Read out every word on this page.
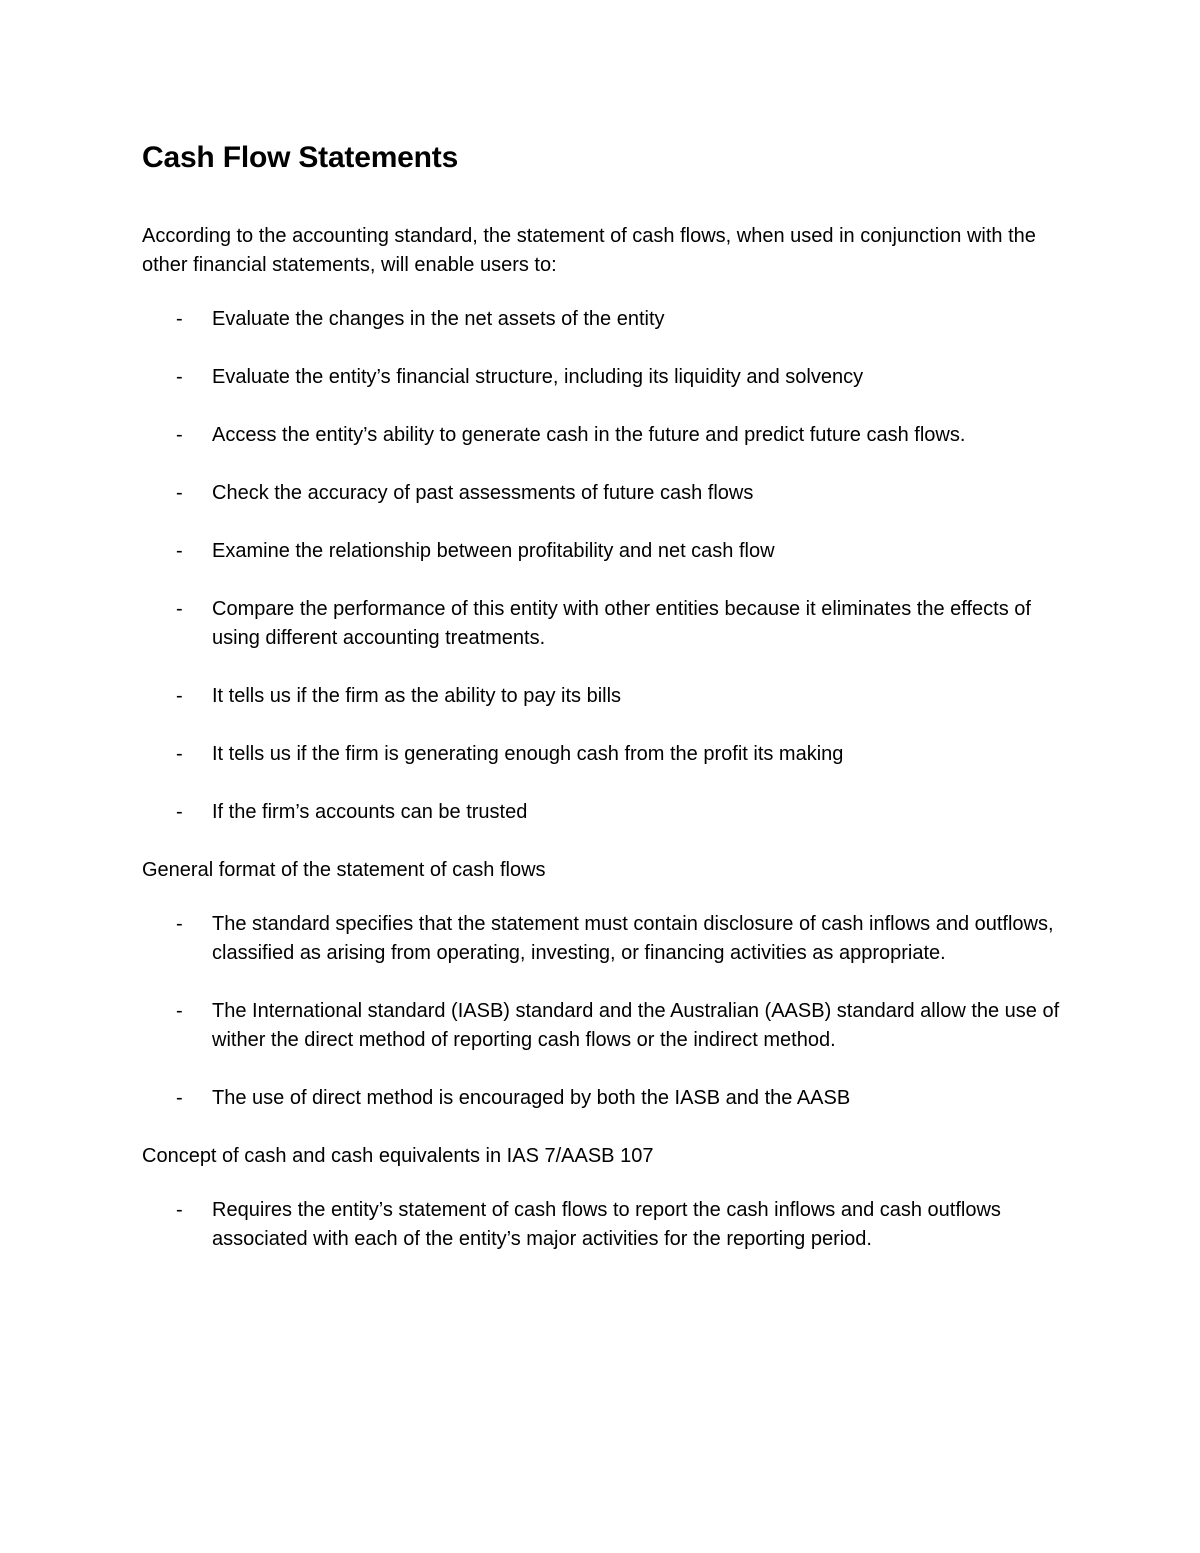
Cash Flow Statements

According to the accounting standard, the statement of cash flows, when used in conjunction with the other financial statements, will enable users to:

- Evaluate the changes in the net assets of the entity
- Evaluate the entity’s financial structure, including its liquidity and solvency
- Access the entity’s ability to generate cash in the future and predict future cash flows.
- Check the accuracy of past assessments of future cash flows
- Examine the relationship between profitability and net cash flow
- Compare the performance of this entity with other entities because it eliminates the effects of using different accounting treatments.
- It tells us if the firm as the ability to pay its bills
- It tells us if the firm is generating enough cash from the profit its making
- If the firm’s accounts can be trusted

General format of the statement of cash flows

- The standard specifies that the statement must contain disclosure of cash inflows and outflows, classified as arising from operating, investing, or financing activities as appropriate.
- The International standard (IASB) standard and the Australian (AASB) standard allow the use of wither the direct method of reporting cash flows or the indirect method.
- The use of direct method is encouraged by both the IASB and the AASB

Concept of cash and cash equivalents in IAS 7/AASB 107

- Requires the entity’s statement of cash flows to report the cash inflows and cash outflows associated with each of the entity’s major activities for the reporting period.
